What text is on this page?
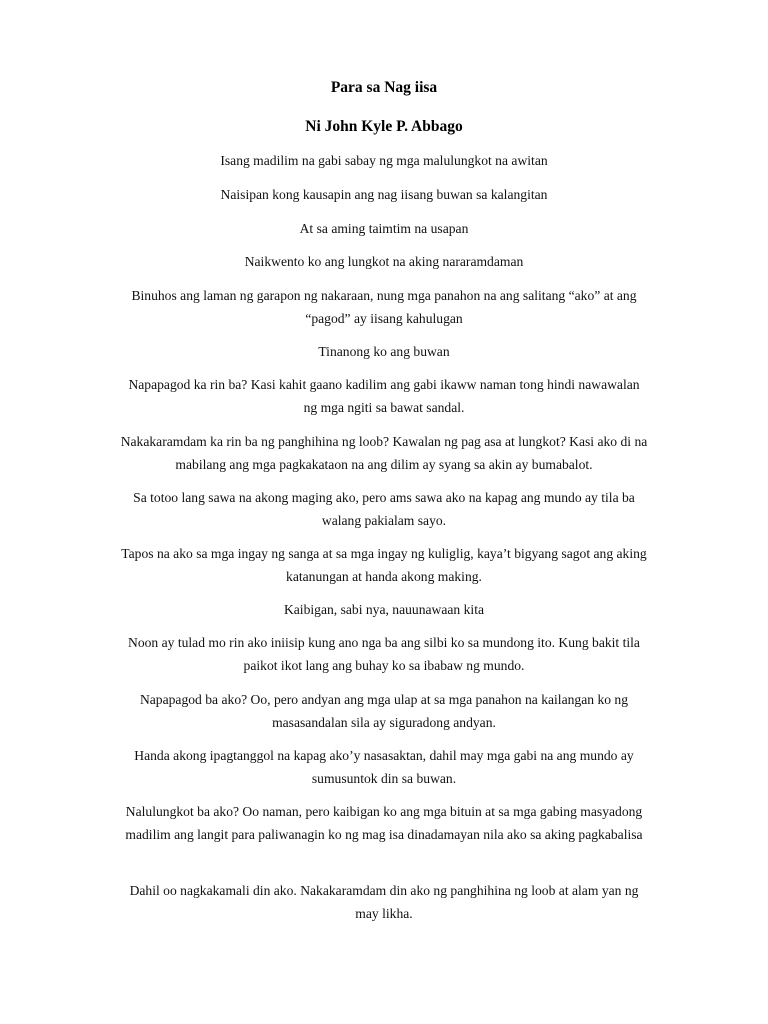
Para sa Nag iisa
Ni John Kyle P. Abbago
Isang madilim na gabi sabay ng mga malulungkot na awitan
Naisipan kong kausapin ang nag iisang buwan sa kalangitan
At sa aming taimtim na usapan
Naikwento ko ang lungkot na aking nararamdaman
Binuhos ang laman ng garapon ng nakaraan, nung mga panahon na ang salitang “ako” at ang “pagod” ay iisang kahulugan
Tinanong ko ang buwan
Napapagod ka rin ba? Kasi kahit gaano kadilim ang gabi ikaww naman tong hindi nawawalan ng mga ngiti sa bawat sandal.
Nakakaramdam ka rin ba ng panghihina ng loob? Kawalan ng pag asa at lungkot? Kasi ako di na mabilang ang mga pagkakataon na ang dilim ay syang sa akin ay bumabalot.
Sa totoo lang sawa na akong maging ako, pero ams sawa ako na kapag ang mundo ay tila ba walang pakialam sayo.
Tapos na ako sa mga ingay ng sanga at sa mga ingay ng kuliglig, kaya’t bigyang sagot ang aking katanungan at handa akong making.
Kaibigan, sabi nya, nauunawaan kita
Noon ay tulad mo rin ako iniisip kung ano nga ba ang silbi ko sa mundong ito. Kung bakit tila paikot ikot lang ang buhay ko sa ibabaw ng mundo.
Napapagod ba ako? Oo, pero andyan ang mga ulap at sa mga panahon na kailangan ko ng masasandalan sila ay siguradong andyan.
Handa akong ipagtanggol na kapag ako’y nasasaktan, dahil may mga gabi na ang mundo ay sumusuntok din sa buwan.
Nalulungkot ba ako? Oo naman, pero kaibigan ko ang mga bituin at sa mga gabing masyadong madilim ang langit para paliwanagin ko ng mag isa dinadamayan nila ako sa aking pagkabalisa
Dahil oo nagkakamali din ako. Nakakaramdam din ako ng panghihina ng loob at alam yan ng may likha.
